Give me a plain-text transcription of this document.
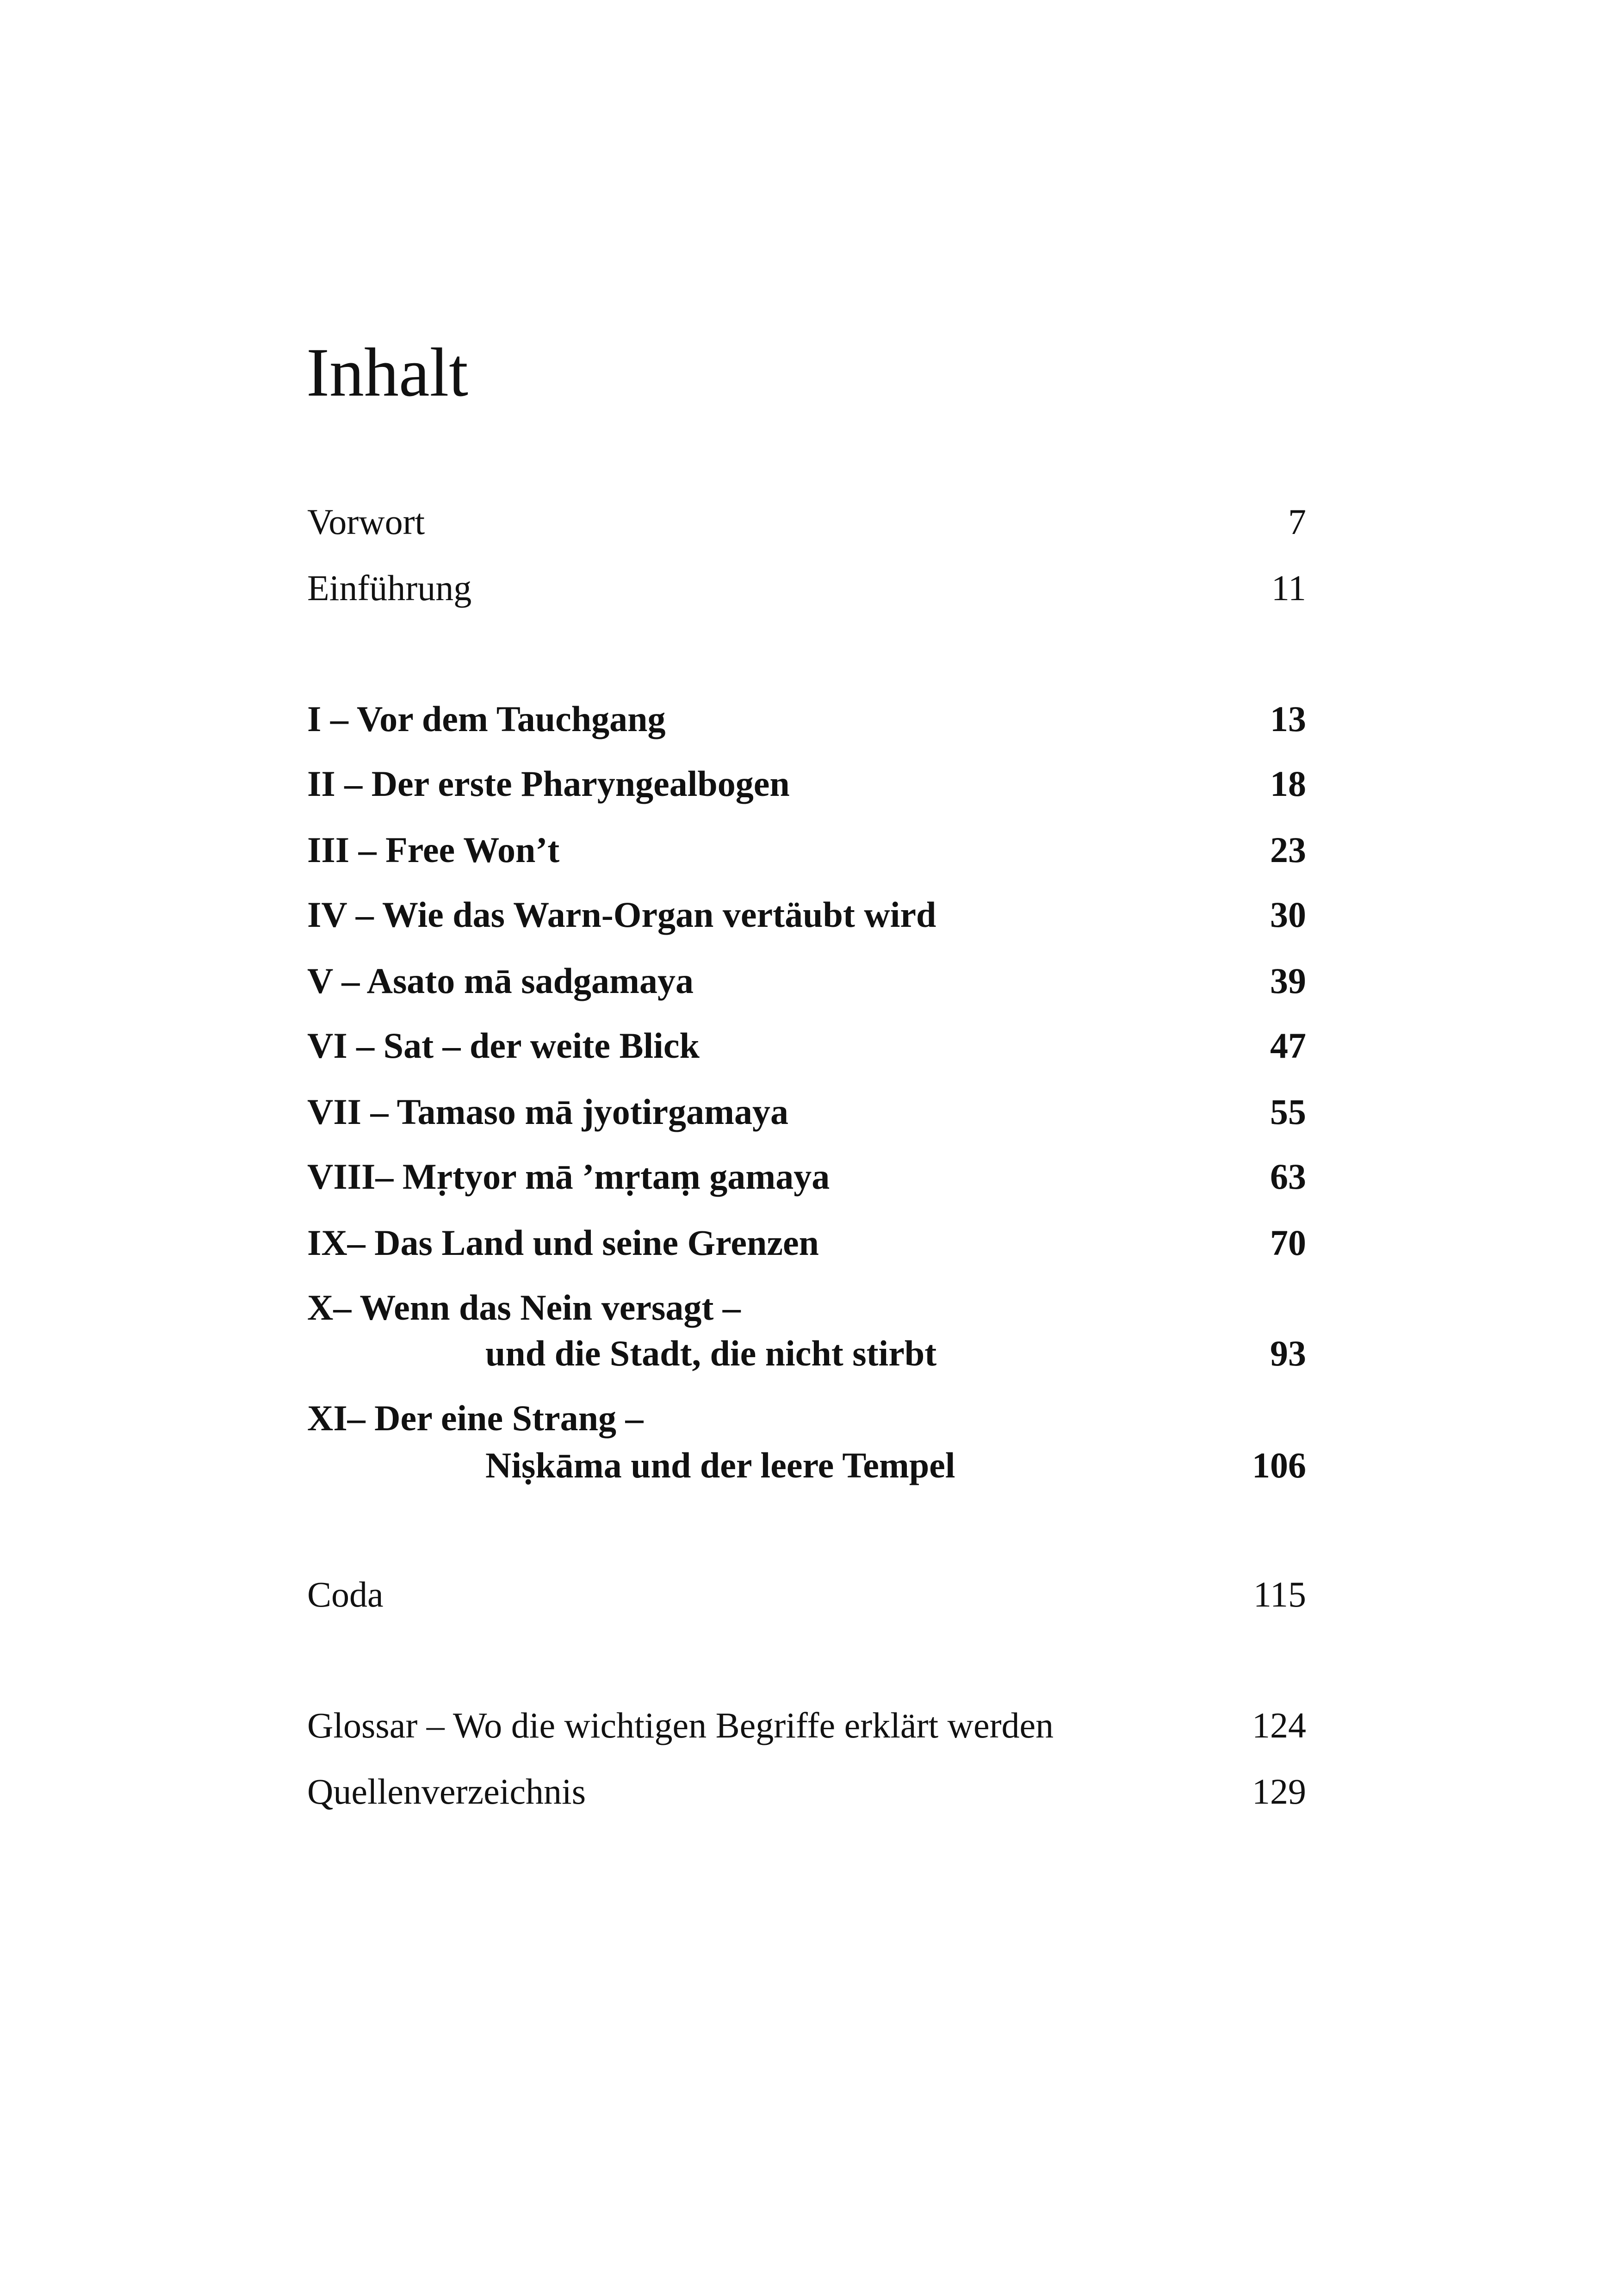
Inhalt
Vorwort	7
Einführung	11
I – Vor dem Tauchgang	13
II – Der erste Pharyngealbogen	18
III – Free Won’t	23
IV – Wie das Warn-Organ vertäubt wird	30
V – Asato mā sadgamaya	39
VI – Sat – der weite Blick	47
VII – Tamaso mā jyotirgamaya	55
VIII– Mṛtyor mā ’mṛtaṃ gamaya	63
IX– Das Land und seine Grenzen	70
X– Wenn das Nein versagt –
und die Stadt, die nicht stirbt	93
XI– Der eine Strang –
Niṣkāma und der leere Tempel	106
Coda	115
Glossar – Wo die wichtigen Begriffe erklärt werden	124
Quellenverzeichnis	129
